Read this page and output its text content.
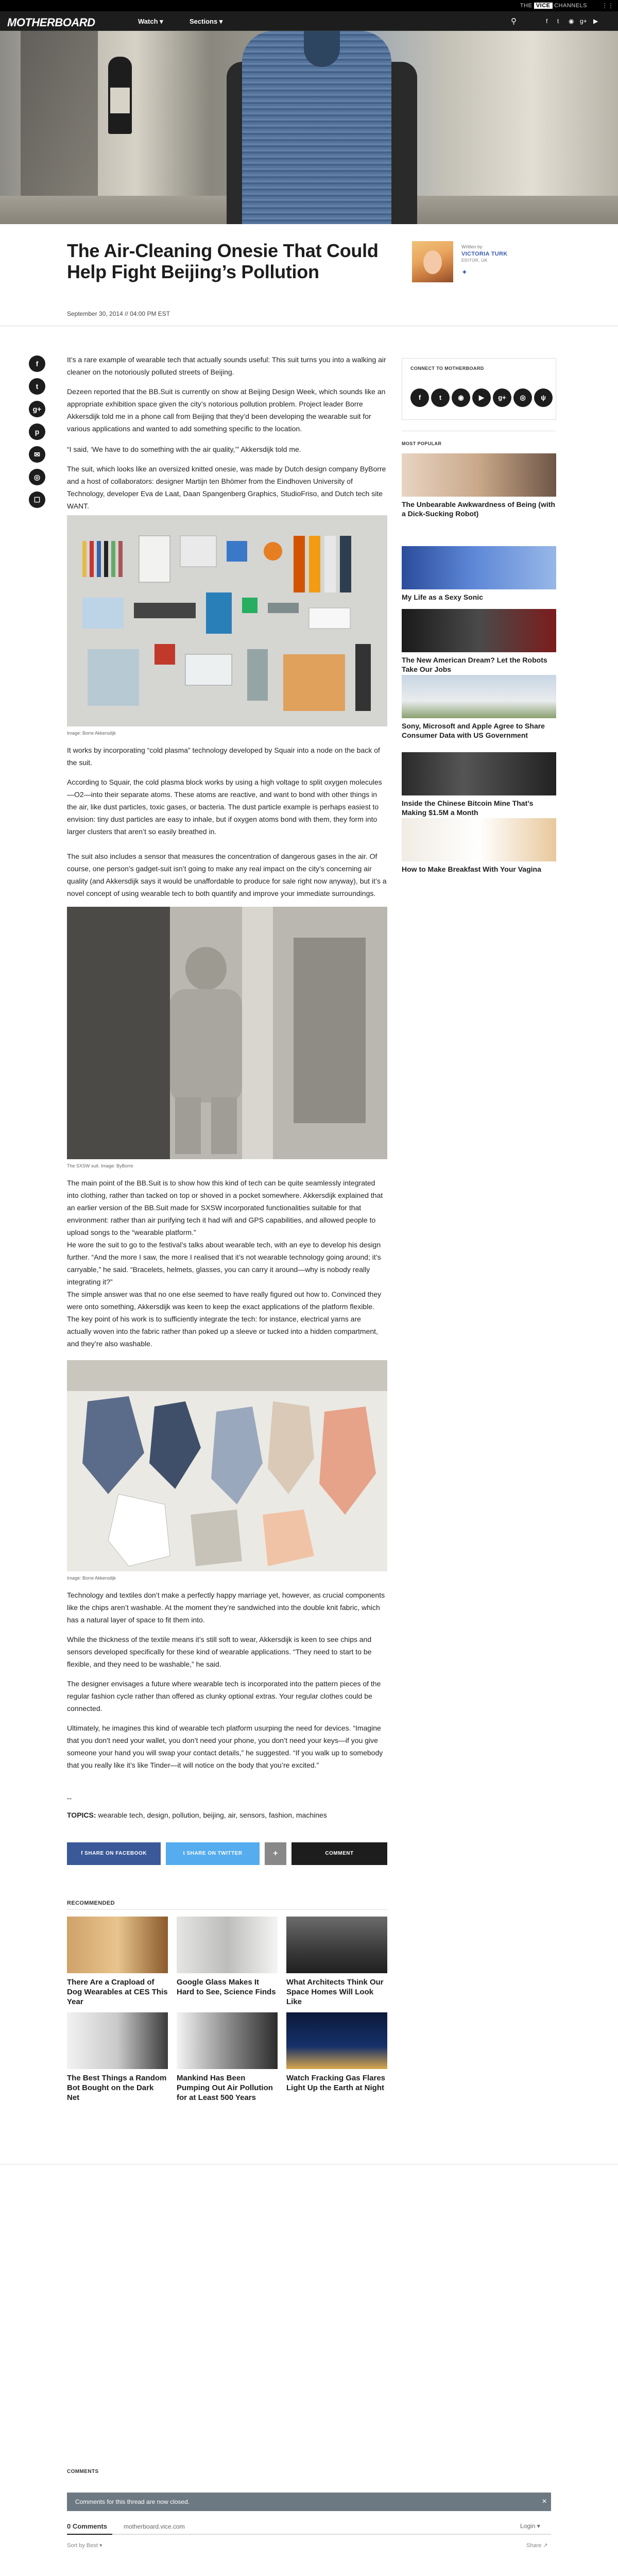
THE VICE CHANNELS ⋮⋮
MOTHERBOARD	Watch ▾	Sections ▾	⚲	f t ◉ g+ ▶
The Air-Cleaning Onesie That Could Help Fight Beijing’s Pollution
September 30, 2014 // 04:00 PM EST
Written by
VICTORIA TURK
EDITOR, UK
✦
f
t
g+
p
✉
◎
☐

It’s a rare example of wearable tech that actually sounds useful: This suit turns you into a walking air cleaner on the notoriously polluted streets of Beijing.

Dezeen reported that the BB.Suit is currently on show at Beijing Design Week, which sounds like an appropriate exhibition space given the city’s notorious pollution problem. Project leader Borre Akkersdijk told me in a phone call from Beijing that they’d been developing the wearable suit for various applications and wanted to add something specific to the location.

“I said, ‘We have to do something with the air quality,’” Akkersdijk told me.

The suit, which looks like an oversized knitted onesie, was made by Dutch design company ByBorre and a host of collaborators: designer Martijn ten Bhömer from the Eindhoven University of Technology, developer Eva de Laat, Daan Spangenberg Graphics, StudioFriso, and Dutch tech site WANT.

Image: Borre Akkersdijk

It works by incorporating “cold plasma” technology developed by Squair into a node on the back of the suit.

According to Squair, the cold plasma block works by using a high voltage to split oxygen molecules—O2—into their separate atoms. These atoms are reactive, and want to bond with other things in the air, like dust particles, toxic gases, or bacteria. The dust particle example is perhaps easiest to envision: tiny dust particles are easy to inhale, but if oxygen atoms bond with them, they form into larger clusters that aren’t so easily breathed in.

The suit also includes a sensor that measures the concentration of dangerous gases in the air. Of course, one person’s gadget-suit isn’t going to make any real impact on the city’s concerning air quality (and Akkersdijk says it would be unaffordable to produce for sale right now anyway), but it’s a novel concept of using wearable tech to both quantify and improve your immediate surroundings.

The SXSW suit. Image: ByBorre

The main point of the BB.Suit is to show how this kind of tech can be quite seamlessly integrated into clothing, rather than tacked on top or shoved in a pocket somewhere. Akkersdijk explained that an earlier version of the BB.Suit made for SXSW incorporated functionalities suitable for that environment: rather than air purifying tech it had wifi and GPS capabilities, and allowed people to upload songs to the “wearable platform.”

He wore the suit to go to the festival’s talks about wearable tech, with an eye to develop his design further. “And the more I saw, the more I realised that it’s not wearable technology going around; it’s carryable,” he said. “Bracelets, helmets, glasses, you can carry it around—why is nobody really integrating it?”

The simple answer was that no one else seemed to have really figured out how to. Convinced they were onto something, Akkersdijk was keen to keep the exact applications of the platform flexible. The key point of his work is to sufficiently integrate the tech: for instance, electrical yarns are actually woven into the fabric rather than poked up a sleeve or tucked into a hidden compartment, and they’re also washable.

Image: Borre Akkersdijk

Technology and textiles don’t make a perfectly happy marriage yet, however, as crucial components like the chips aren’t washable. At the moment they’re sandwiched into the double knit fabric, which has a natural layer of space to fit them into.

While the thickness of the textile means it’s still soft to wear, Akkersdijk is keen to see chips and sensors developed specifically for these kind of wearable applications. “They need to start to be flexible, and they need to be washable,” he said.

The designer envisages a future where wearable tech is incorporated into the pattern pieces of the regular fashion cycle rather than offered as clunky optional extras. Your regular clothes could be connected.

Ultimately, he imagines this kind of wearable tech platform usurping the need for devices. “Imagine that you don’t need your wallet, you don’t need your phone, you don’t need your keys—if you give someone your hand you will swap your contact details,” he suggested. “If you walk up to somebody that you really like it’s like Tinder—it will notice on the body that you’re excited.”

--

TOPICS: wearable tech, design, pollution, beijing, air, sensors, fashion, machines
f SHARE ON FACEBOOK	t SHARE ON TWITTER	+	COMMENT
CONNECT TO MOTHERBOARD
f	t	◉	▶	g+	◎	ψ
MOST POPULAR
The Unbearable Awkwardness of Being (with a Dick-Sucking Robot)
My Life as a Sexy Sonic
The New American Dream? Let the Robots Take Our Jobs
Sony, Microsoft and Apple Agree to Share Consumer Data with US Government
Inside the Chinese Bitcoin Mine That’s Making $1.5M a Month
How to Make Breakfast With Your Vagina
RECOMMENDED
There Are a Crapload of Dog Wearables at CES This Year
Google Glass Makes It Hard to See, Science Finds
What Architects Think Our Space Homes Will Look Like
The Best Things a Random Bot Bought on the Dark Net
Mankind Has Been Pumping Out Air Pollution for at Least 500 Years
Watch Fracking Gas Flares Light Up the Earth at Night
COMMENTS
Comments for this thread are now closed.	✕
0 Comments	motherboard.vice.com	Login ▾
Sort by Best ▾	Share ↗
